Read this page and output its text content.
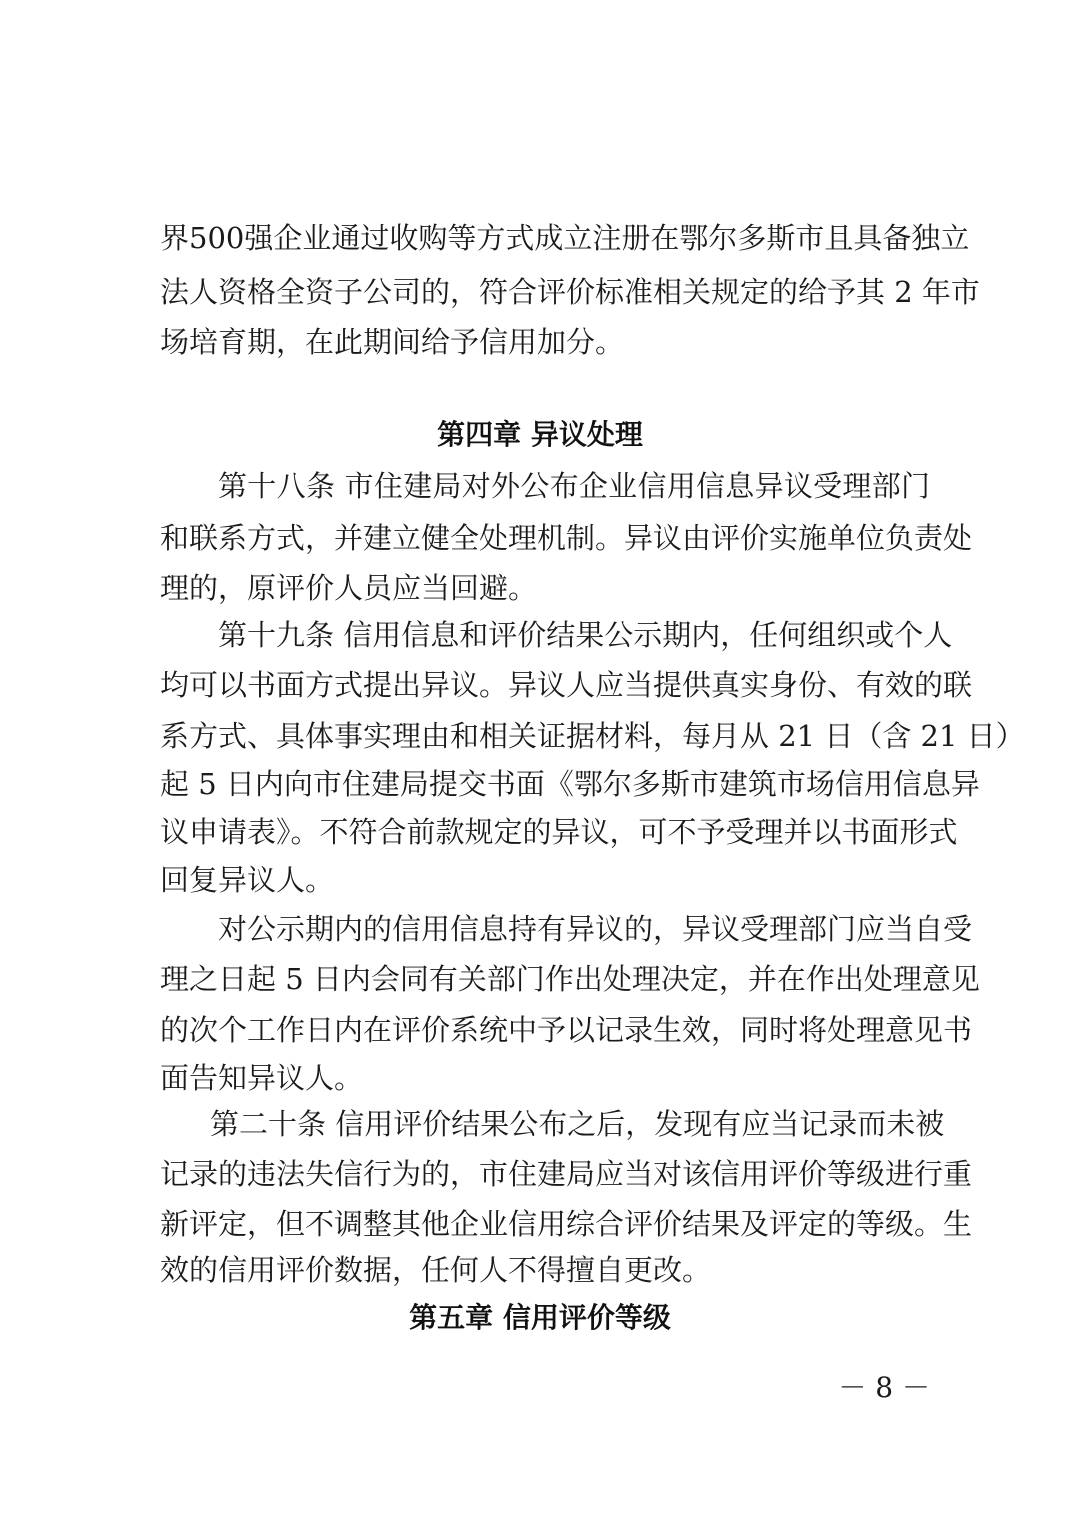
界500强企业通过收购等方式成立注册在鄂尔多斯市且具备独立

法人资格全资子公司的，符合评价标准相关规定的给予其 2 年市

场培育期，在此期间给予信用加分。

第四章 异议处理

第十八条 市住建局对外公布企业信用信息异议受理部门

和联系方式，并建立健全处理机制。异议由评价实施单位负责处

理的，原评价人员应当回避。

第十九条 信用信息和评价结果公示期内，任何组织或个人

均可以书面方式提出异议。异议人应当提供真实身份、有效的联

系方式、具体事实理由和相关证据材料，每月从 21 日（含 21 日）

起 5 日内向市住建局提交书面《鄂尔多斯市建筑市场信用信息异

议申请表》。不符合前款规定的异议，可不予受理并以书面形式

回复异议人。

对公示期内的信用信息持有异议的，异议受理部门应当自受

理之日起 5 日内会同有关部门作出处理决定，并在作出处理意见

的次个工作日内在评价系统中予以记录生效，同时将处理意见书

面告知异议人。

第二十条 信用评价结果公布之后，发现有应当记录而未被

记录的违法失信行为的，市住建局应当对该信用评价等级进行重

新评定，但不调整其他企业信用综合评价结果及评定的等级。生

效的信用评价数据，任何人不得擅自更改。

第五章 信用评价等级

－ 8 －
